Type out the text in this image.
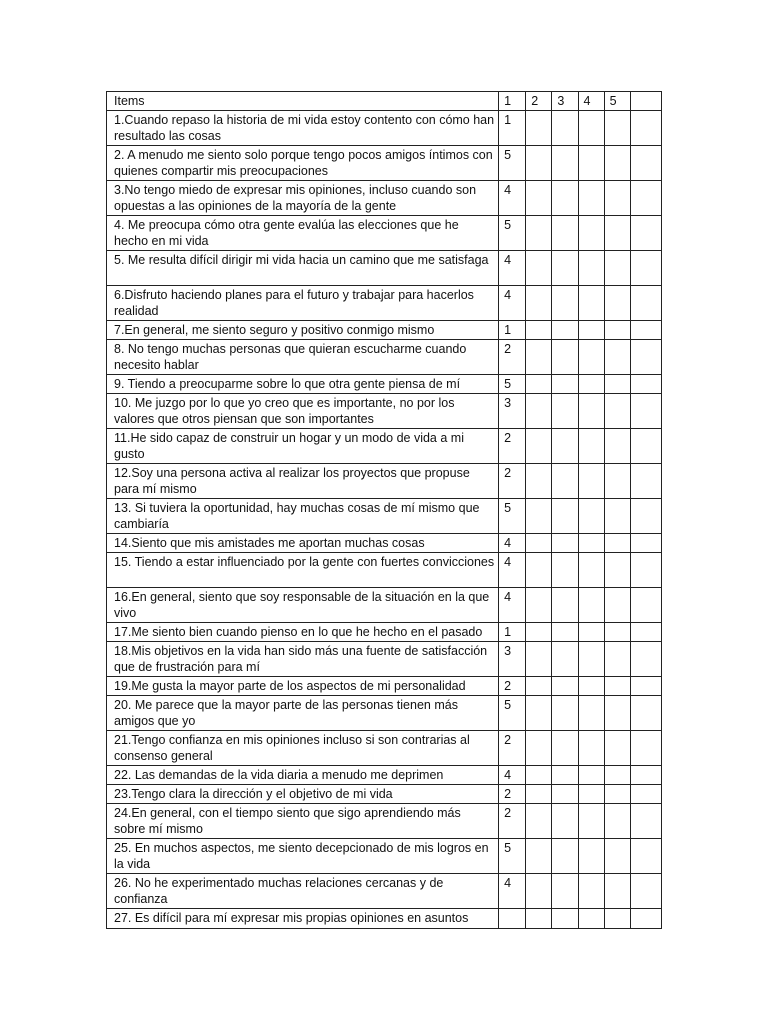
Items	1	2	3	4	5	
1.Cuando repaso la historia de mi vida estoy contento con cómo han resultado las cosas	1					
2. A menudo me siento solo porque tengo pocos amigos íntimos con quienes compartir mis preocupaciones	5					
3.No tengo miedo de expresar mis opiniones, incluso cuando son opuestas a las opiniones de la mayoría de la gente	4					
4. Me preocupa cómo otra gente evalúa las elecciones que he hecho en mi vida	5					
5. Me resulta difícil dirigir mi vida hacia un camino que me satisfaga	4					
6.Disfruto haciendo planes para el futuro y trabajar para hacerlos realidad	4					
7.En general, me siento seguro y positivo conmigo mismo	1					
8. No tengo muchas personas que quieran escucharme cuando necesito hablar	2					
9. Tiendo a preocuparme sobre lo que otra gente piensa de mí	5					
10. Me juzgo por lo que yo creo que es importante, no por los valores que otros piensan que son importantes	3					
11.He sido capaz de construir un hogar y un modo de vida a mi gusto	2					
12.Soy una persona activa al realizar los proyectos que propuse para mí mismo	2					
13. Si tuviera la oportunidad, hay muchas cosas de mí mismo que cambiaría	5					
14.Siento que mis amistades me aportan muchas cosas	4					
15. Tiendo a estar influenciado por la gente con fuertes convicciones	4					
16.En general, siento que soy responsable de la situación en la que vivo	4					
17.Me siento bien cuando pienso en lo que he hecho en el pasado	1					
18.Mis objetivos en la vida han sido más una fuente de satisfacción que de frustración para mí	3					
19.Me gusta la mayor parte de los aspectos de mi personalidad	2					
20. Me parece que la mayor parte de las personas tienen más amigos que yo	5					
21.Tengo confianza en mis opiniones incluso si son contrarias al consenso general	2					
22. Las demandas de la vida diaria a menudo me deprimen	4					
23.Tengo clara la dirección y el objetivo de mi vida	2					
24.En general, con el tiempo siento que sigo aprendiendo más sobre mí mismo	2					
25. En muchos aspectos, me siento decepcionado de mis logros en la vida	5					
26. No he experimentado muchas relaciones cercanas y de confianza	4					
27. Es difícil para mí expresar mis propias opiniones en asuntos						
